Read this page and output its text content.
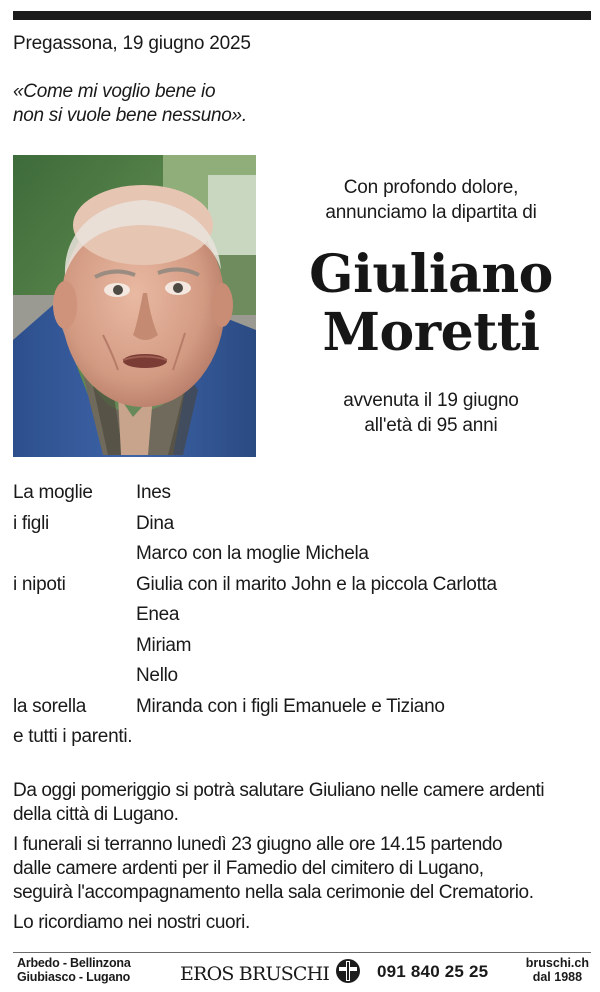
Pregassona, 19 giugno 2025
«Come mi voglio bene io
non si vuole bene nessuno».
Con profondo dolore,
annunciamo la dipartita di
Giuliano
Moretti
avvenuta il 19 giugno
all'età di 95 anni
La moglie Ines
i figli	Dina
Marco con la moglie Michela
i nipoti	Giulia con il marito John e la piccola Carlotta
Enea
Miriam
Nello
la sorella	Miranda con i figli Emanuele e Tiziano
e tutti i parenti.

Da oggi pomeriggio si potrà salutare Giuliano nelle camere ardenti
della città di Lugano.

I funerali si terranno lunedì 23 giugno alle ore 14.15 partendo
dalle camere ardenti per il Famedio del cimitero di Lugano,
seguirà l'accompagnamento nella sala cerimonie del Crematorio.

Lo ricordiamo nei nostri cuori.

Arbedo - Bellinzona
Giubiasco - Lugano	EROS BRUSCHI	091 840 25 25	bruschi.ch
dal 1988
